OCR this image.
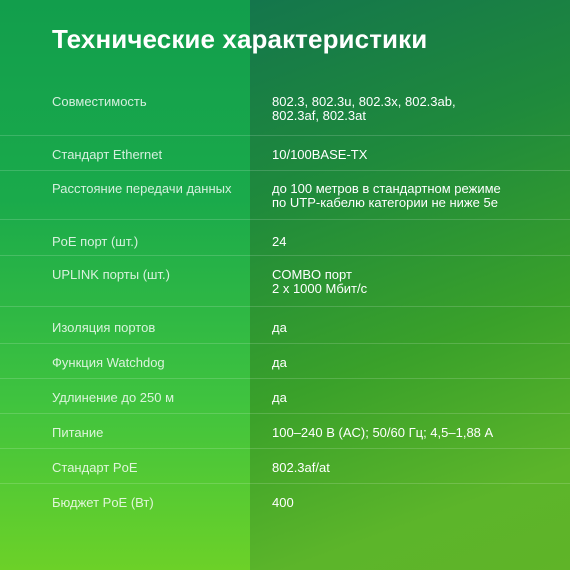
Технические характеристики
Совместимость	802.3, 802.3u, 802.3x, 802.3ab,
802.3af, 802.3at
Стандарт Ethernet	10/100BASE-TX
Расстояние передачи данных	до 100 метров в стандартном режиме
по UTP-кабелю категории не ниже 5е
PoE порт (шт.)	24
UPLINK порты (шт.)	COMBO порт
2 x 1000 Мбит/с
Изоляция портов	да
Функция Watchdog	да
Удлинение до 250 м	да
Питание	100–240 В (AC); 50/60 Гц; 4,5–1,88 A
Стандарт PoE	802.3af/at
Бюджет PoE (Вт)	400
